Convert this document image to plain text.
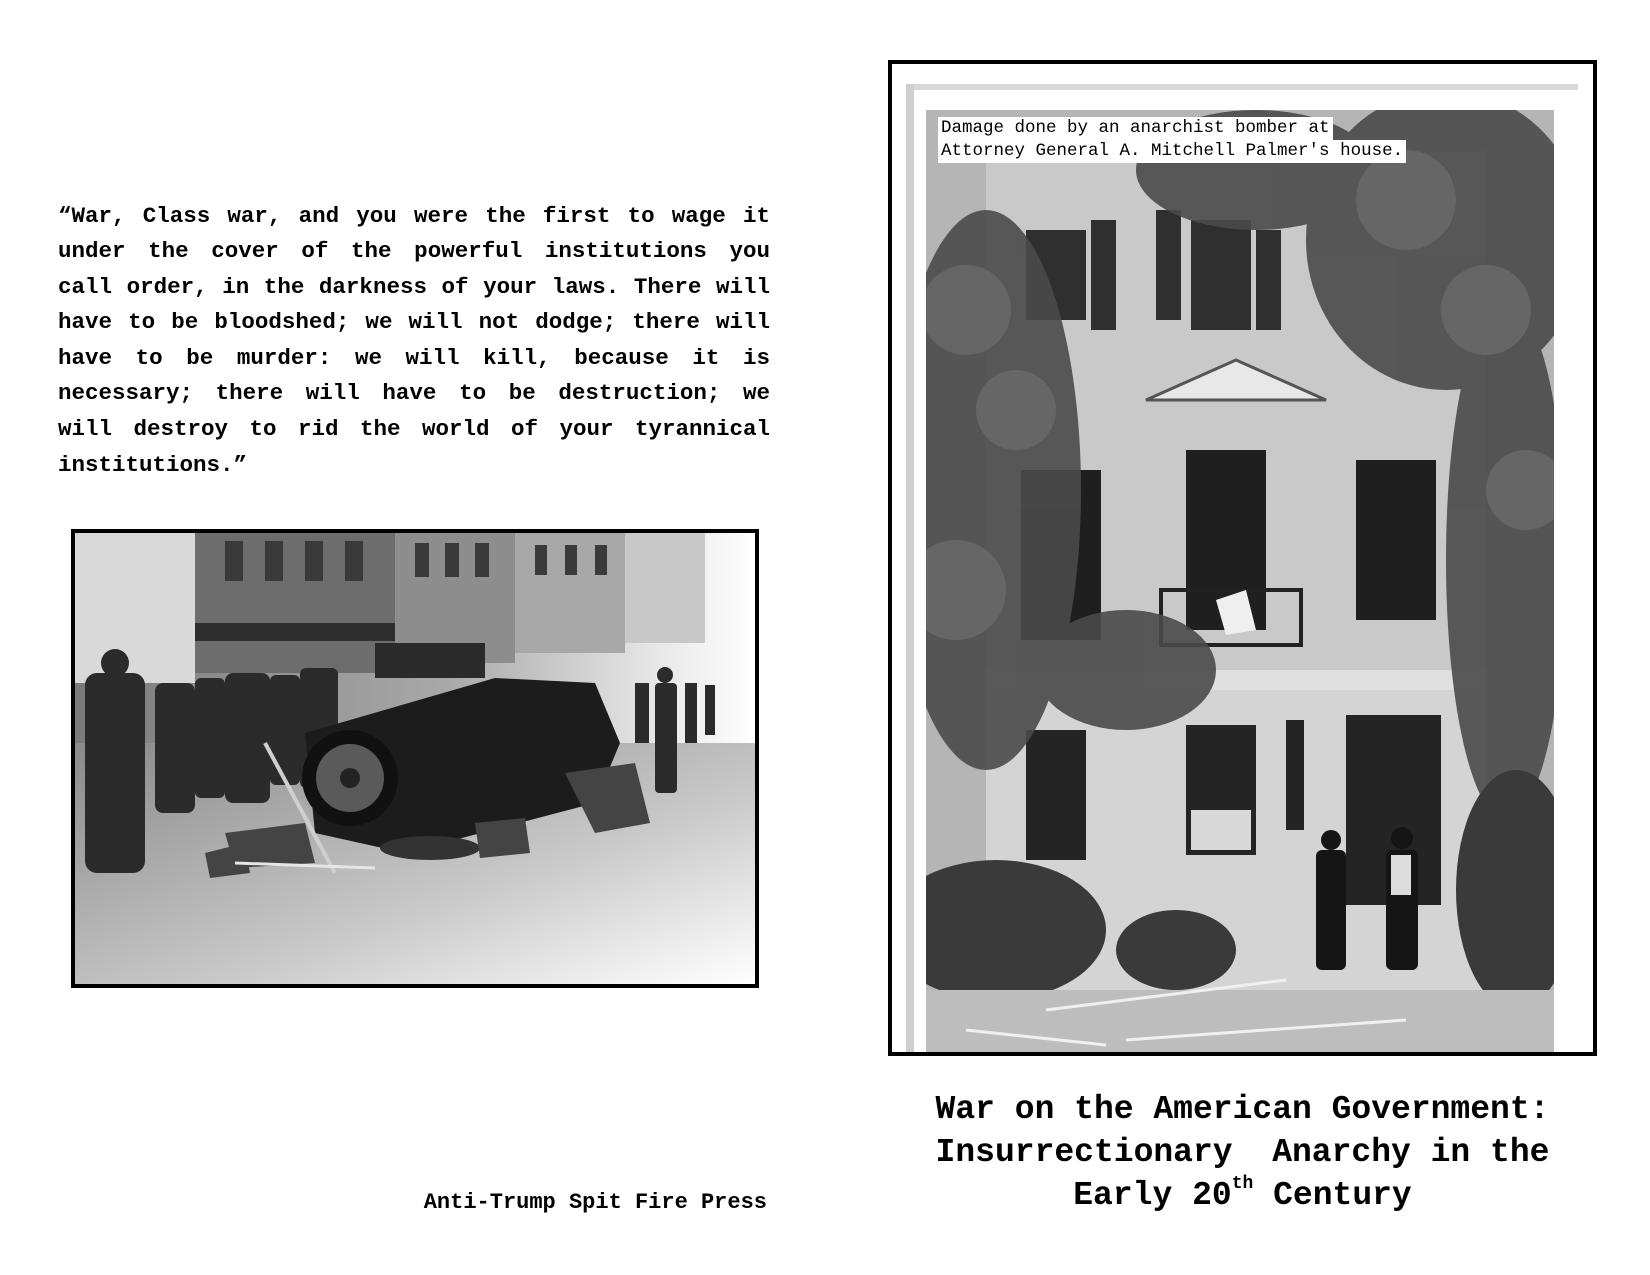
“War, Class war, and you were the first to wage it under the cover of the powerful institutions you call order, in the darkness of your laws. There will have to be bloodshed; we will not dodge; there will have to be murder: we will kill, because it is necessary; there will have to be destruction; we will destroy to rid the world of your tyrannical institutions.”

Anti-Trump Spit Fire Press
Damage done by an anarchist bomber at
Attorney General A. Mitchell Palmer's house.
War on the American Government:
Insurrectionary  Anarchy in the
Early 20th Century
